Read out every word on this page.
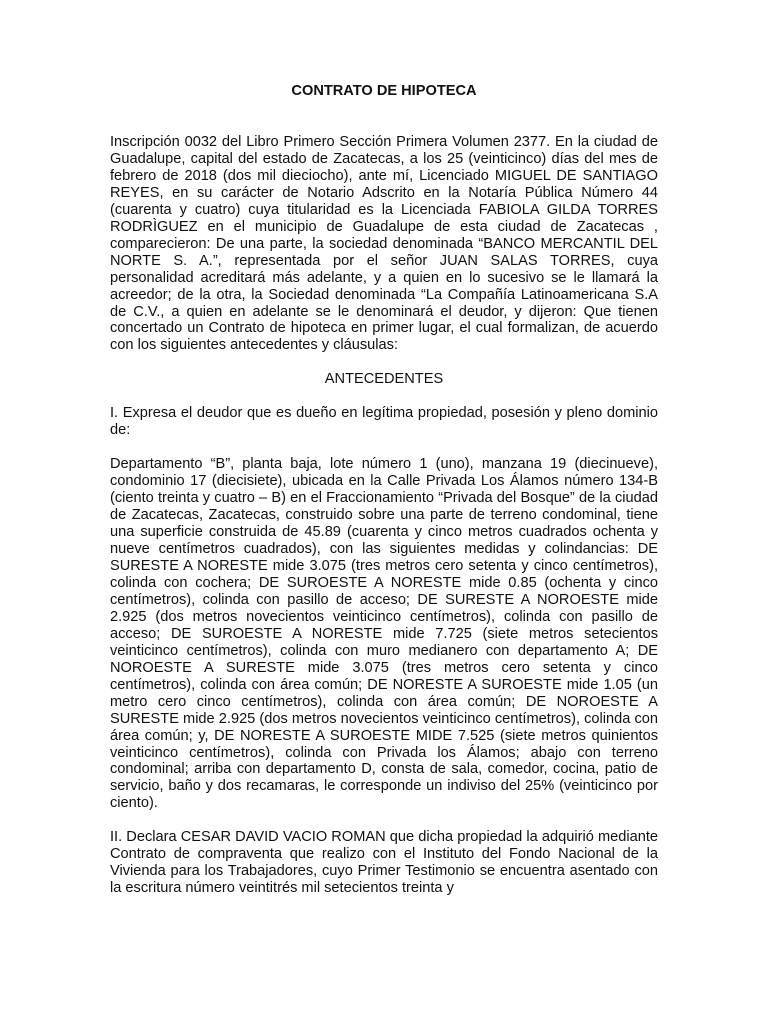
CONTRATO DE HIPOTECA

Inscripción 0032 del Libro Primero Sección Primera Volumen 2377. En la ciudad de Guadalupe, capital del estado de Zacatecas, a los 25 (veinticinco) días del mes de febrero de 2018 (dos mil dieciocho), ante mí, Licenciado MIGUEL DE SANTIAGO REYES, en su carácter de Notario Adscrito en la Notaría Pública Número 44 (cuarenta y cuatro) cuya titularidad es la Licenciada FABIOLA GILDA TORRES RODRÌGUEZ en el municipio de Guadalupe de esta ciudad de Zacatecas , comparecieron: De una parte, la sociedad denominada “BANCO MERCANTIL DEL NORTE S. A.”, representada por el señor JUAN SALAS TORRES, cuya personalidad acreditará más adelante, y a quien en lo sucesivo se le llamará la acreedor; de la otra, la Sociedad denominada “La Compañía Latinoamericana S.A de C.V., a quien en adelante se le denominará el deudor, y dijeron: Que tienen concertado un Contrato de hipoteca en primer lugar, el cual formalizan, de acuerdo con los siguientes antecedentes y cláusulas:

ANTECEDENTES

I. Expresa el deudor que es dueño en legítima propiedad, posesión y pleno dominio de:

Departamento “B”, planta baja, lote número 1 (uno), manzana 19 (diecinueve), condominio 17 (diecisiete), ubicada en la Calle Privada Los Álamos número 134-B (ciento treinta y cuatro – B) en el Fraccionamiento “Privada del Bosque” de la ciudad de Zacatecas, Zacatecas, construido sobre una parte de terreno condominal, tiene una superficie construida de 45.89 (cuarenta y cinco metros cuadrados ochenta y nueve centímetros cuadrados), con las siguientes medidas y colindancias: DE SURESTE A NORESTE mide 3.075 (tres metros cero setenta y cinco centímetros), colinda con cochera; DE SUROESTE A NORESTE mide 0.85 (ochenta y cinco centímetros), colinda con pasillo de acceso; DE SURESTE A NOROESTE mide 2.925 (dos metros novecientos veinticinco centímetros), colinda con pasillo de acceso; DE SUROESTE A NORESTE mide 7.725 (siete metros setecientos veinticinco centímetros), colinda con muro medianero con departamento A; DE NOROESTE A SURESTE mide 3.075 (tres metros cero setenta y cinco centímetros), colinda con área común; DE NORESTE A SUROESTE mide 1.05 (un metro cero cinco centímetros), colinda con área común; DE NOROESTE A SURESTE mide 2.925 (dos metros novecientos veinticinco centímetros), colinda con área común; y, DE NORESTE A SUROESTE MIDE 7.525 (siete metros quinientos veinticinco centímetros), colinda con Privada los Álamos; abajo con terreno condominal; arriba con departamento D, consta de sala, comedor, cocina, patio de servicio, baño y dos recamaras, le corresponde un indiviso del 25% (veinticinco por ciento).

II. Declara CESAR DAVID VACIO ROMAN que dicha propiedad la adquirió mediante Contrato de compraventa que realizo con el Instituto del Fondo Nacional de la Vivienda para los Trabajadores, cuyo Primer Testimonio se encuentra asentado con la escritura número veintitrés mil setecientos treinta y
